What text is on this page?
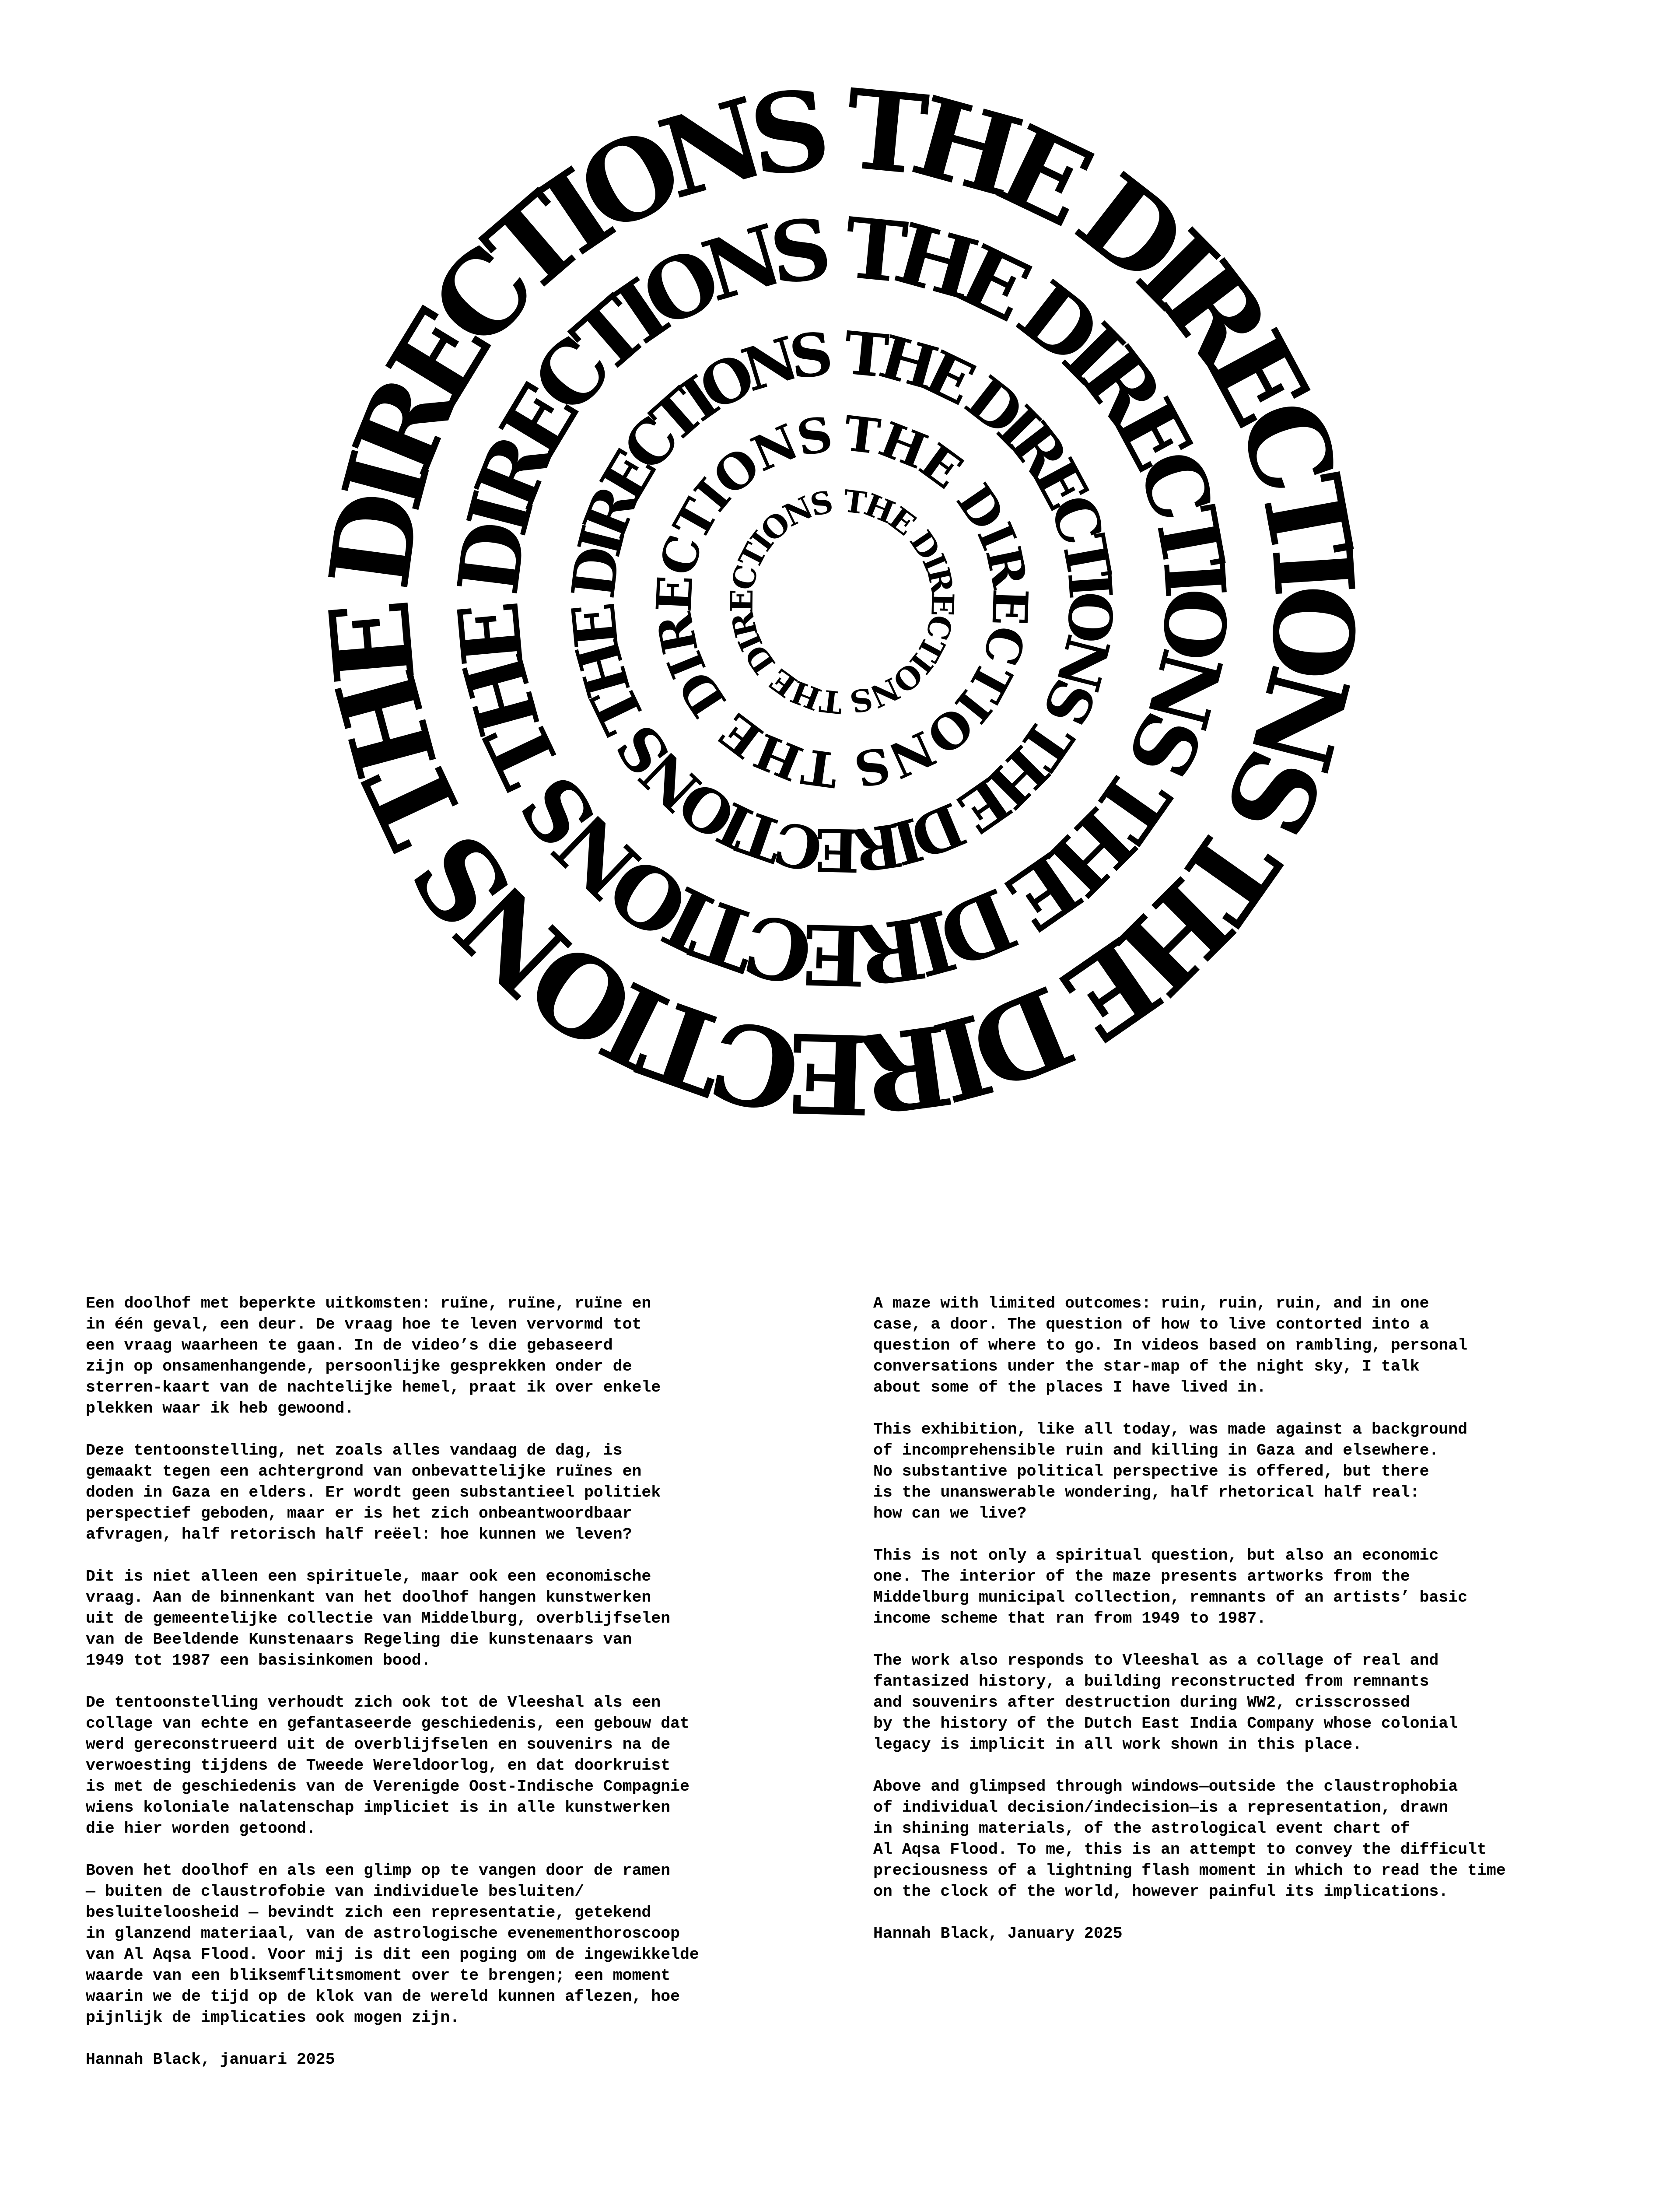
THE DIRECTIONS THE DIRECTIONS THE DIRECTIONS
THE DIRECTIONS THE DIRECTIONS THE DIRECTIONS
THE DIRECTIONS THE DIRECTIONS THE DIRECTIONS
THE DIRECTIONS THE DIRECTIONS
THE DIRECTIONS THE DIRECTIONS

Een doolhof met beperkte uitkomsten: ruïne, ruïne, ruïne en
in één geval, een deur. De vraag hoe te leven vervormd tot
een vraag waarheen te gaan. In de video’s die gebaseerd
zijn op onsamenhangende, persoonlijke gesprekken onder de
sterren-kaart van de nachtelijke hemel, praat ik over enkele
plekken waar ik heb gewoond.

Deze tentoonstelling, net zoals alles vandaag de dag, is
gemaakt tegen een achtergrond van onbevattelijke ruïnes en
doden in Gaza en elders. Er wordt geen substantieel politiek
perspectief geboden, maar er is het zich onbeantwoordbaar
afvragen, half retorisch half reëel: hoe kunnen we leven?

Dit is niet alleen een spirituele, maar ook een economische
vraag. Aan de binnenkant van het doolhof hangen kunstwerken
uit de gemeentelijke collectie van Middelburg, overblijfselen
van de Beeldende Kunstenaars Regeling die kunstenaars van
1949 tot 1987 een basisinkomen bood.

De tentoonstelling verhoudt zich ook tot de Vleeshal als een
collage van echte en gefantaseerde geschiedenis, een gebouw dat
werd gereconstrueerd uit de overblijfselen en souvenirs na de
verwoesting tijdens de Tweede Wereldoorlog, en dat doorkruist
is met de geschiedenis van de Verenigde Oost-Indische Compagnie
wiens koloniale nalatenschap impliciet is in alle kunstwerken
die hier worden getoond.

Boven het doolhof en als een glimp op te vangen door de ramen
— buiten de claustrofobie van individuele besluiten/
besluiteloosheid — bevindt zich een representatie, getekend
in glanzend materiaal, van de astrologische evenementhoroscoop
van Al Aqsa Flood. Voor mij is dit een poging om de ingewikkelde
waarde van een bliksemflitsmoment over te brengen; een moment
waarin we de tijd op de klok van de wereld kunnen aflezen, hoe
pijnlijk de implicaties ook mogen zijn.

Hannah Black, januari 2025

A maze with limited outcomes: ruin, ruin, ruin, and in one
case, a door. The question of how to live contorted into a
question of where to go. In videos based on rambling, personal
conversations under the star-map of the night sky, I talk
about some of the places I have lived in.

This exhibition, like all today, was made against a background
of incomprehensible ruin and killing in Gaza and elsewhere.
No substantive political perspective is offered, but there
is the unanswerable wondering, half rhetorical half real:
how can we live?

This is not only a spiritual question, but also an economic
one. The interior of the maze presents artworks from the
Middelburg municipal collection, remnants of an artists’ basic
income scheme that ran from 1949 to 1987.

The work also responds to Vleeshal as a collage of real and
fantasized history, a building reconstructed from remnants
and souvenirs after destruction during WW2, crisscrossed
by the history of the Dutch East India Company whose colonial
legacy is implicit in all work shown in this place.

Above and glimpsed through windows—outside the claustrophobia
of individual decision/indecision—is a representation, drawn
in shining materials, of the astrological event chart of
Al Aqsa Flood. To me, this is an attempt to convey the difficult
preciousness of a lightning flash moment in which to read the time
on the clock of the world, however painful its implications.

Hannah Black, January 2025
